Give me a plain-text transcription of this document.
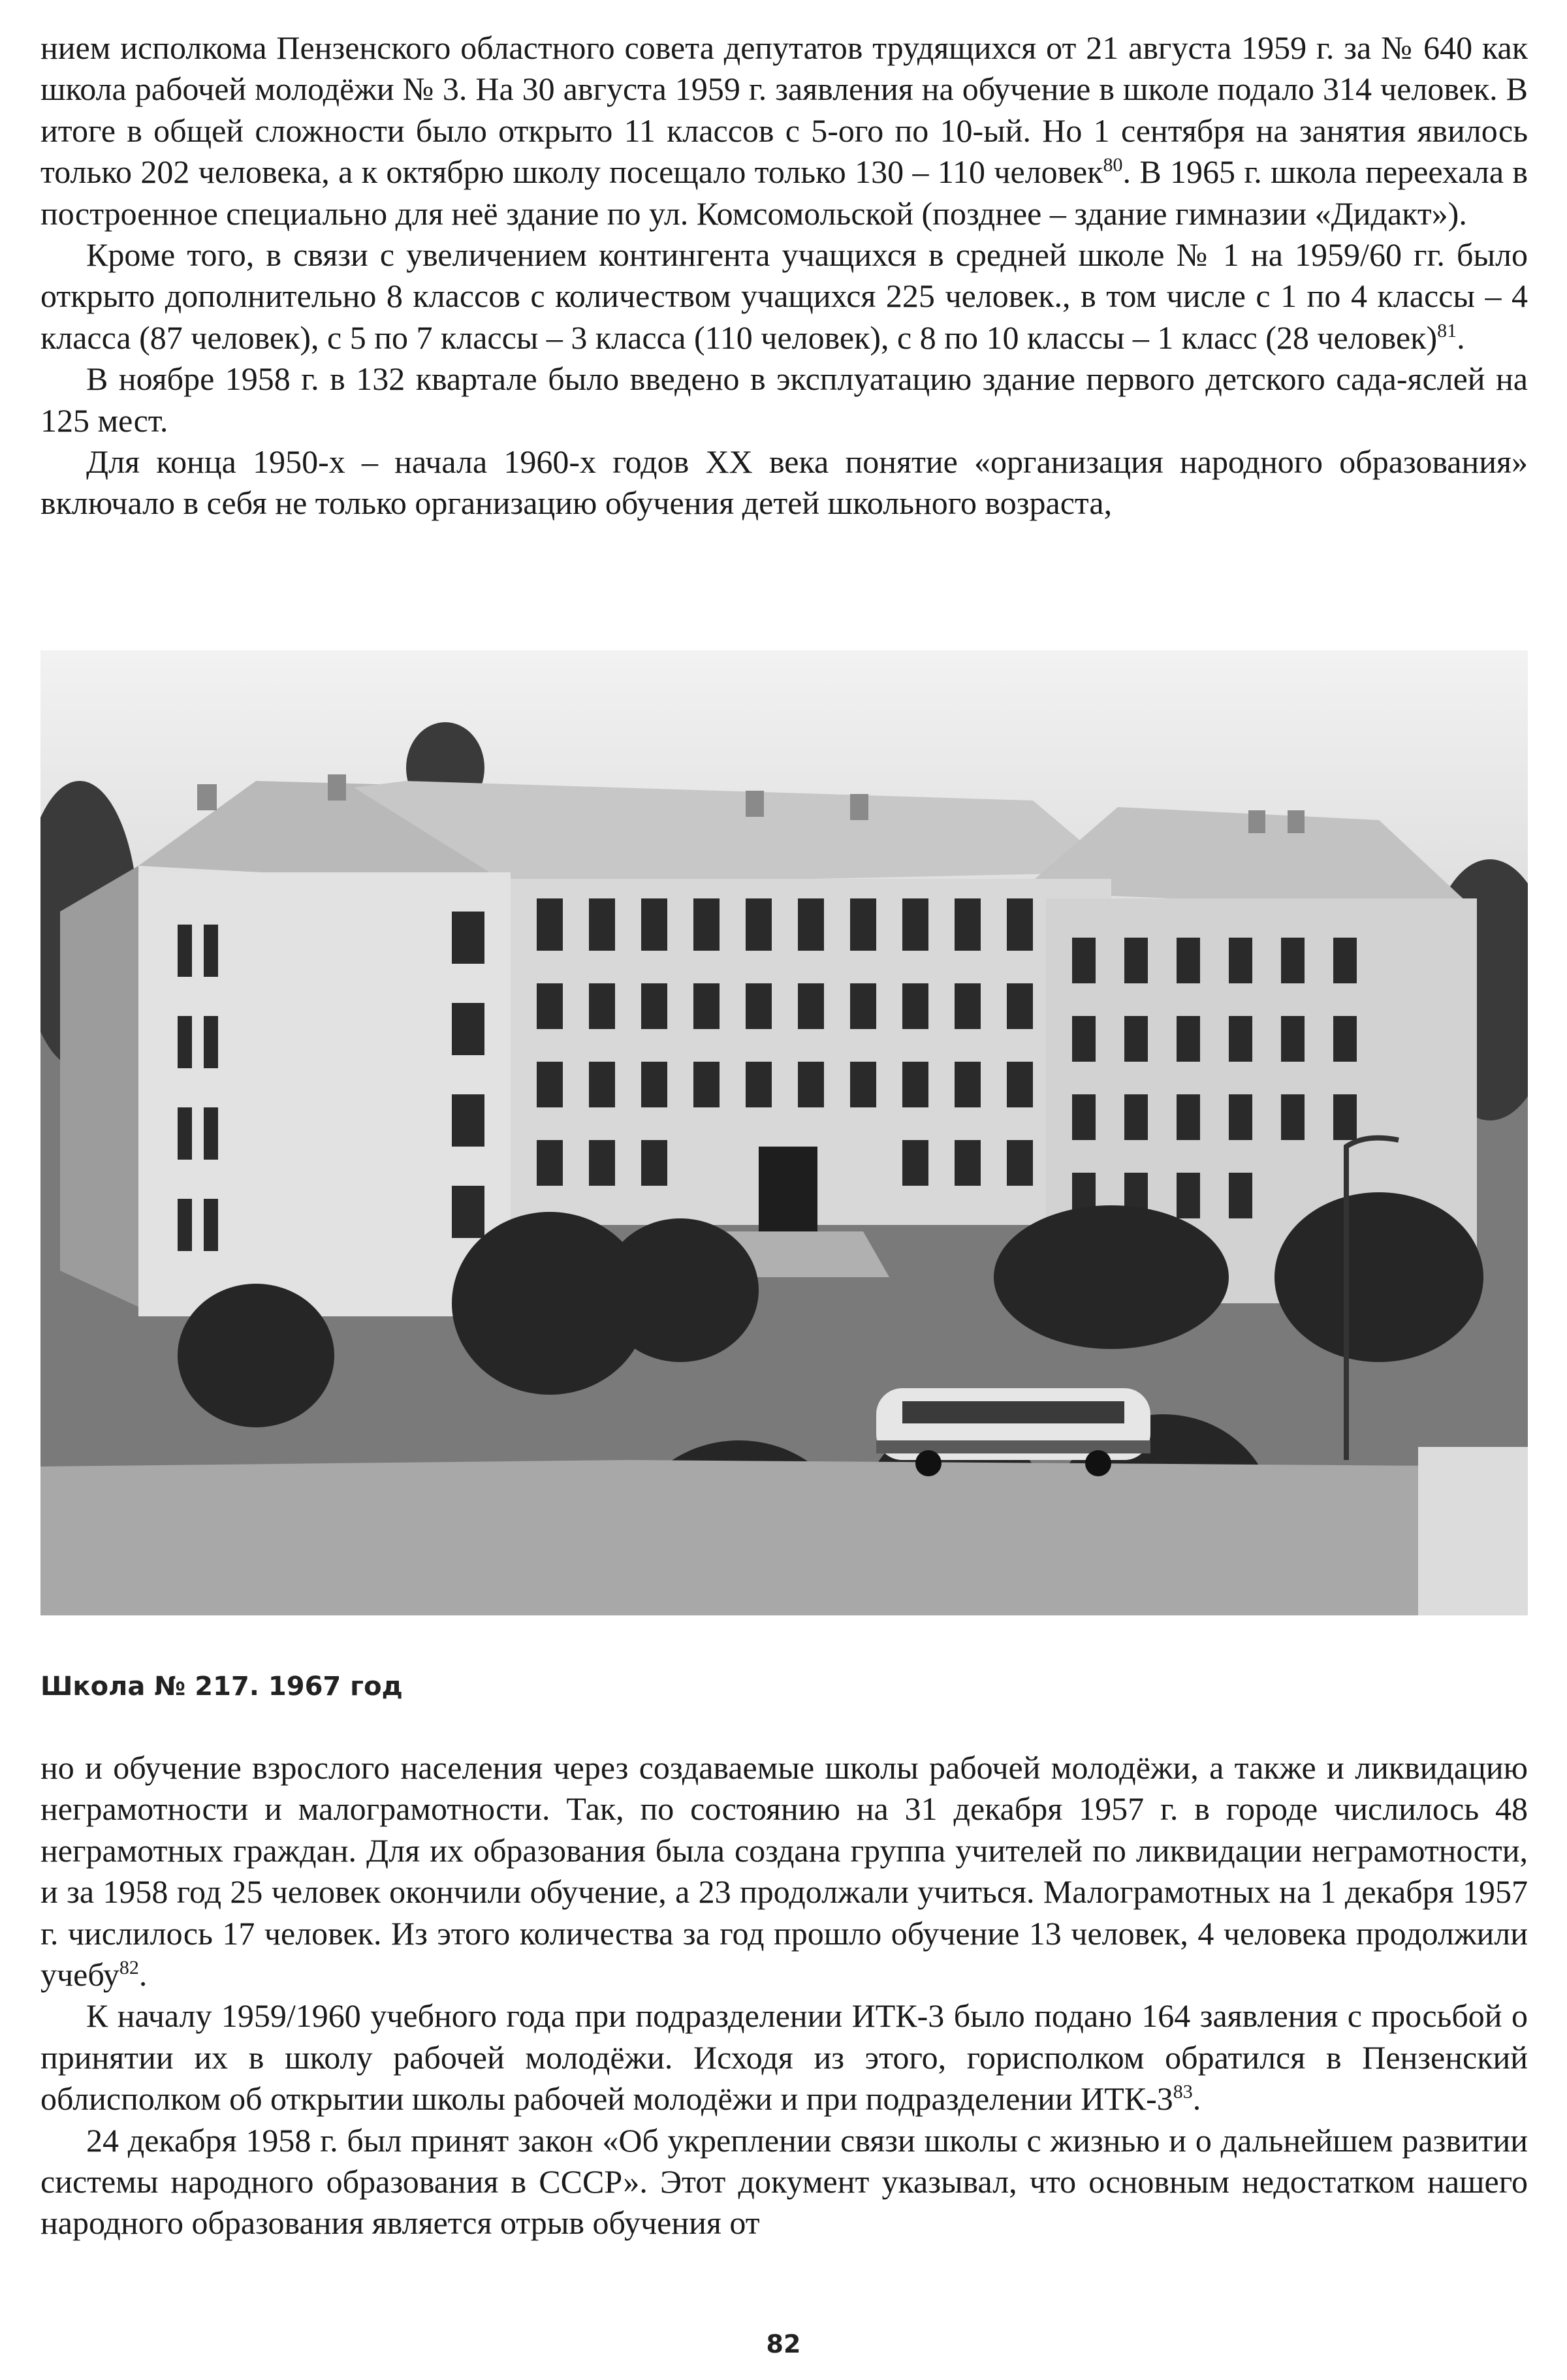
нием исполкома Пензенского областного совета депутатов трудящихся от 21 августа 1959 г. за № 640 как школа рабочей молодёжи № 3. На 30 августа 1959 г. заявления на обучение в школе подало 314 человек. В итоге в общей сложности было открыто 11 классов с 5-ого по 10-ый. Но 1 сентября на занятия явилось только 202 человека, а к октябрю школу посещало только 130 – 110 человек$^{80}$. В 1965 г. школа переехала в построенное специально для неё здание по ул. Комсомольской (позднее – здание гимназии «Дидакт»).

Кроме того, в связи с увеличением контингента учащихся в средней школе № 1 на 1959/60 гг. было открыто дополнительно 8 классов с количеством учащихся 225 человек., в том числе с 1 по 4 классы – 4 класса (87 человек), с 5 по 7 классы – 3 класса (110 человек), с 8 по 10 классы – 1 класс (28 человек)$^{81}$.

В ноябре 1958 г. в 132 квартале было введено в эксплуатацию здание первого детского сада-яслей на 125 мест.

Для конца 1950-х – начала 1960-х годов XX века понятие «организация народного образования» включало в себя не только организацию обучения детей школьного возраста,

Школа № 217. 1967 год

но и обучение взрослого населения через создаваемые школы рабочей молодёжи, а также и ликвидацию неграмотности и малограмотности. Так, по состоянию на 31 декабря 1957 г. в городе числилось 48 неграмотных граждан. Для их образования была создана группа учителей по ликвидации неграмотности, и за 1958 год 25 человек окончили обучение, а 23 продолжали учиться. Малограмотных на 1 декабря 1957 г. числилось 17 человек. Из этого количества за год прошло обучение 13 человек, 4 человека продолжили учебу$^{82}$.

К началу 1959/1960 учебного года при подразделении ИТК-3 было подано 164 заявления с просьбой о принятии их в школу рабочей молодёжи. Исходя из этого, горисполком обратился в Пензенский облисполком об открытии школы рабочей молодёжи и при подразделении ИТК-$3^{83}$.

24 декабря 1958 г. был принят закон «Об укреплении связи школы с жизнью и о дальнейшем развитии системы народного образования в СССР». Этот документ указывал, что основным недостатком нашего народного образования является отрыв обучения от

82
